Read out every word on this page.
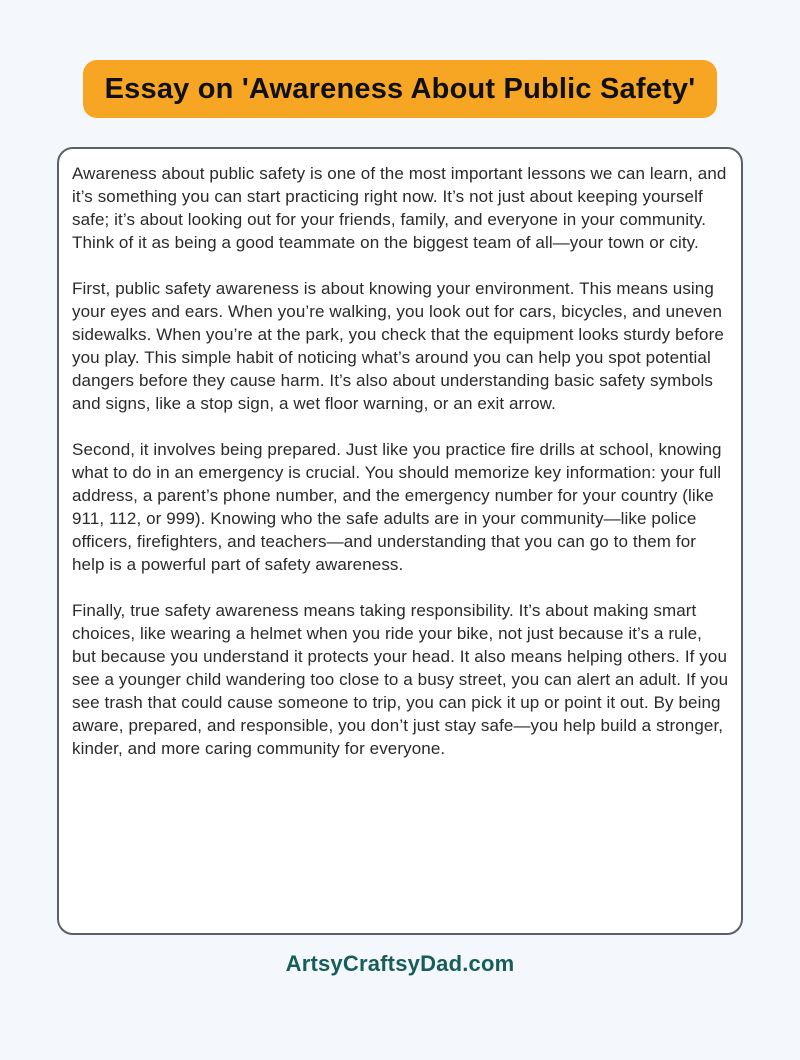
Essay on 'Awareness About Public Safety'

Awareness about public safety is one of the most important lessons we can learn, and it’s something you can start practicing right now. It’s not just about keeping yourself safe; it’s about looking out for your friends, family, and everyone in your community. Think of it as being a good teammate on the biggest team of all—your town or city.

First, public safety awareness is about knowing your environment. This means using your eyes and ears. When you’re walking, you look out for cars, bicycles, and uneven sidewalks. When you’re at the park, you check that the equipment looks sturdy before you play. This simple habit of noticing what’s around you can help you spot potential dangers before they cause harm. It’s also about understanding basic safety symbols and signs, like a stop sign, a wet floor warning, or an exit arrow.

Second, it involves being prepared. Just like you practice fire drills at school, knowing what to do in an emergency is crucial. You should memorize key information: your full address, a parent’s phone number, and the emergency number for your country (like 911, 112, or 999). Knowing who the safe adults are in your community—like police officers, firefighters, and teachers—and understanding that you can go to them for help is a powerful part of safety awareness.

Finally, true safety awareness means taking responsibility. It’s about making smart choices, like wearing a helmet when you ride your bike, not just because it’s a rule, but because you understand it protects your head. It also means helping others. If you see a younger child wandering too close to a busy street, you can alert an adult. If you see trash that could cause someone to trip, you can pick it up or point it out. By being aware, prepared, and responsible, you don’t just stay safe—you help build a stronger, kinder, and more caring community for everyone.

ArtsyCraftsyDad.com
